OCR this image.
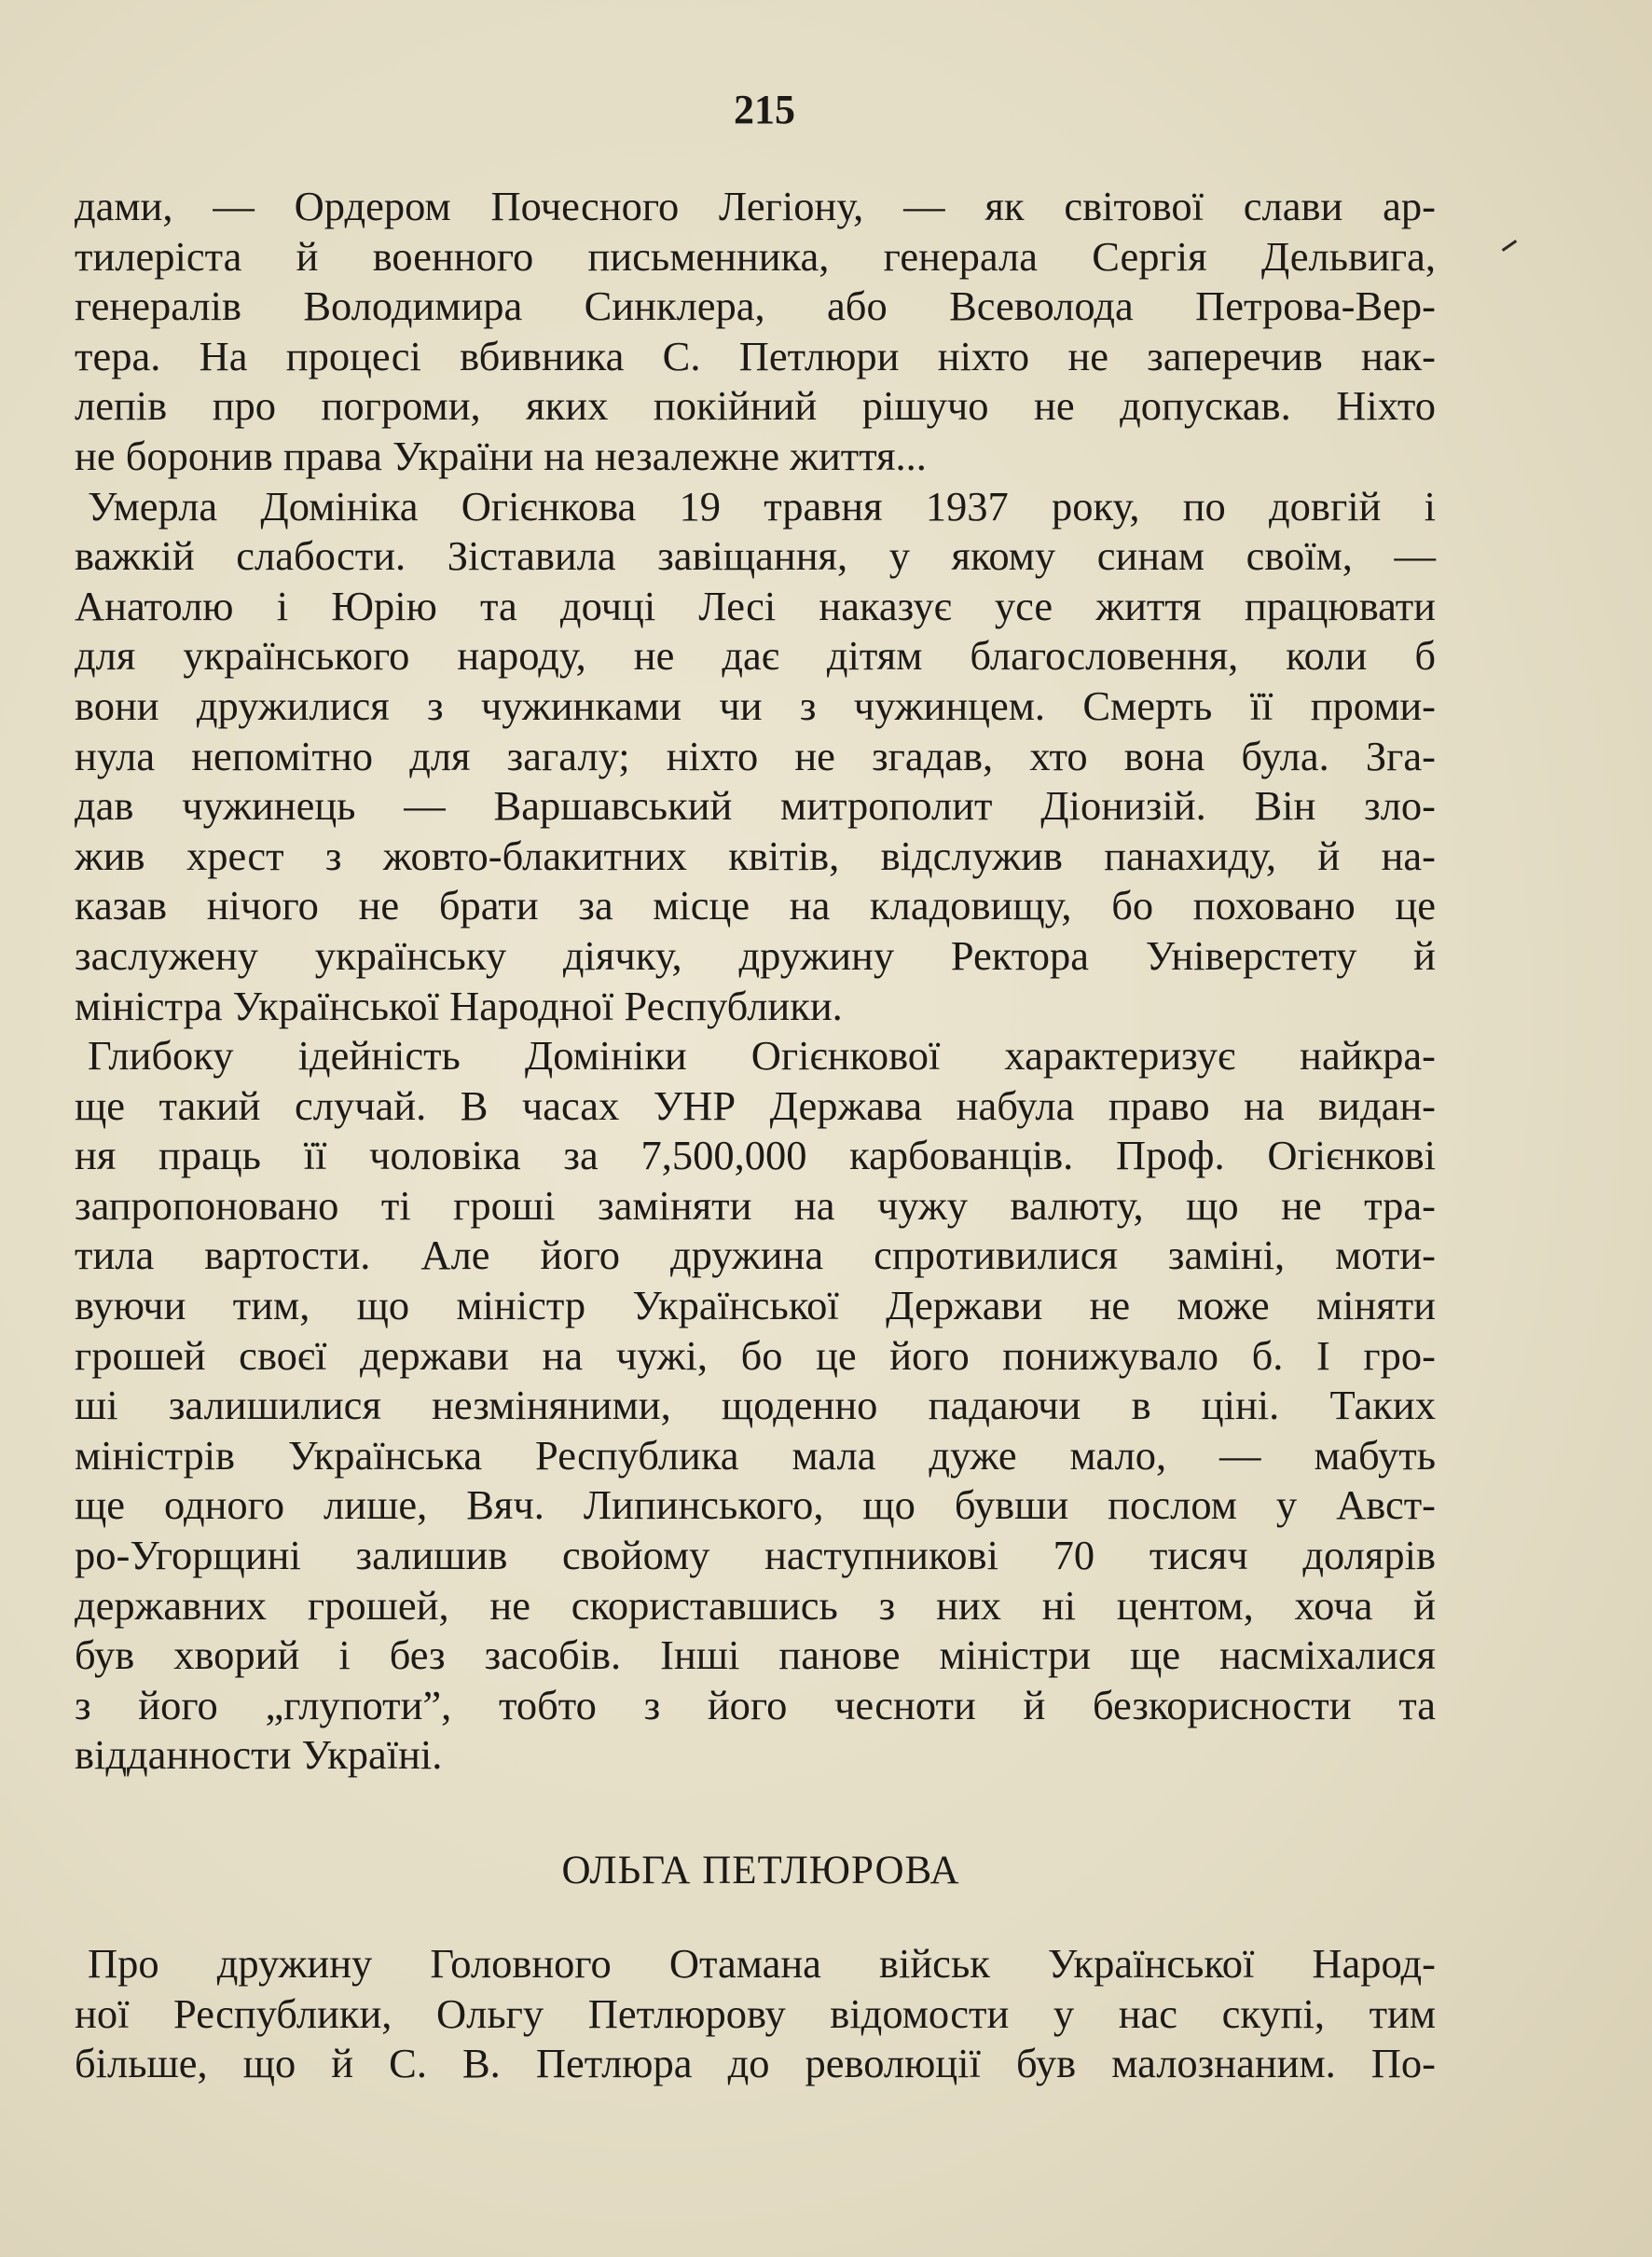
215
дами, — Ордером Почесного Легіону, — як світової слави ар-
тилеріста й военного письменника, генерала Сергія Дельвига,
генералів Володимира Синклера, або Всеволода Петрова-Вер-
тера. На процесі вбивника С. Петлюри ніхто не заперечив нак-
лепів про погроми, яких покійний рішучо не допускав. Ніхто
не боронив права України на незалежне життя...
Умерла Домініка Огієнкова 19 травня 1937 року, по довгій і
важкій слабости. Зіставила завіщання, у якому синам своїм, —
Анатолю і Юрію та дочці Лесі наказує усе життя працювати
для українського народу, не дає дітям благословення, коли б
вони дружилися з чужинками чи з чужинцем. Смерть її проми-
нула непомітно для загалу; ніхто не згадав, хто вона була. Зга-
дав чужинець — Варшавський митрополит Діонизій. Він зло-
жив хрест з жовто-блакитних квітів, відслужив панахиду, й на-
казав нічого не брати за місце на кладовищу, бо поховано це
заслужену українську діячку, дружину Ректора Універстету й
міністра Української Народної Республики.
Глибоку ідейність Домініки Огієнкової характеризує найкра-
ще такий случай. В часах УНР Держава набула право на видан-
ня праць її чоловіка за 7,500,000 карбованців. Проф. Огієнкові
запропоновано ті гроші заміняти на чужу валюту, що не тра-
тила вартости. Але його дружина спротивилися заміні, моти-
вуючи тим, що міністр Української Держави не може міняти
грошей своєї держави на чужі, бо це його понижувало б. І гро-
ші залишилися незміняними, щоденно падаючи в ціні. Таких
міністрів Українська Республика мала дуже мало, — мабуть
ще одного лише, Вяч. Липинського, що бувши послом у Авст-
ро-Угорщині залишив свойому наступникові 70 тисяч долярів
державних грошей, не скориставшись з них ні центом, хоча й
був хворий і без засобів. Інші панове міністри ще насміхалися
з його „глупоти”, тобто з його чесноти й безкорисности та
відданности Україні.
ОЛЬГА ПЕТЛЮРОВА
Про дружину Головного Отамана військ Української Народ-
ної Республики, Ольгу Петлюрову відомости у нас скупі, тим
більше, що й С. В. Петлюра до революції був малознаним. По-
